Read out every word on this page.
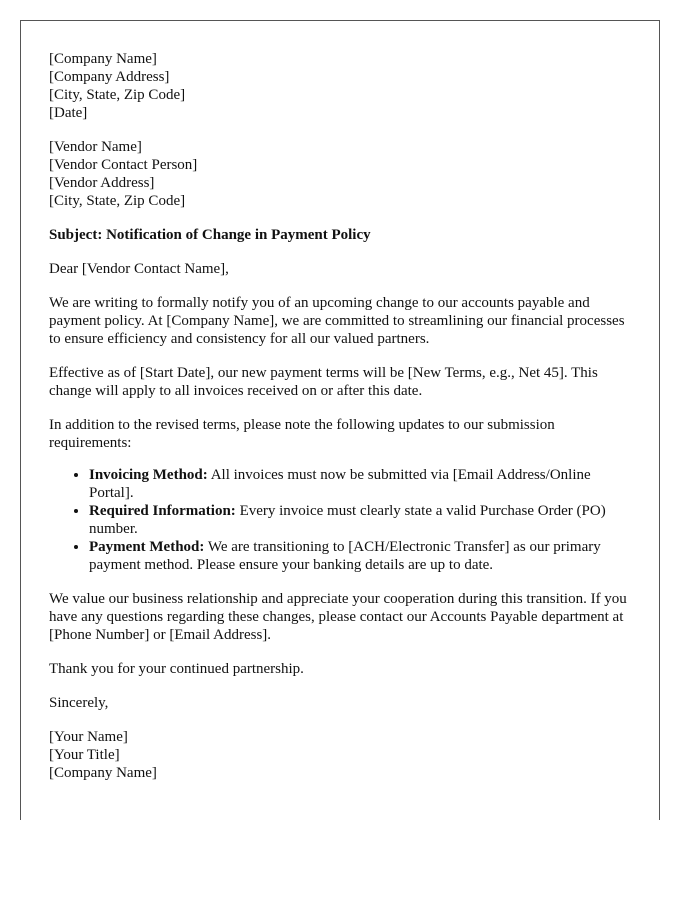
[Company Name]
[Company Address]
[City, State, Zip Code]
[Date]
[Vendor Name]
[Vendor Contact Person]
[Vendor Address]
[City, State, Zip Code]
Subject: Notification of Change in Payment Policy

Dear [Vendor Contact Name],

We are writing to formally notify you of an upcoming change to our accounts payable and payment policy. At [Company Name], we are committed to streamlining our financial processes to ensure efficiency and consistency for all our valued partners.

Effective as of [Start Date], our new payment terms will be [New Terms, e.g., Net 45]. This change will apply to all invoices received on or after this date.

In addition to the revised terms, please note the following updates to our submission requirements:

• Invoicing Method: All invoices must now be submitted via [Email Address/Online Portal].
• Required Information: Every invoice must clearly state a valid Purchase Order (PO) number.
• Payment Method: We are transitioning to [ACH/Electronic Transfer] as our primary payment method. Please ensure your banking details are up to date.

We value our business relationship and appreciate your cooperation during this transition. If you have any questions regarding these changes, please contact our Accounts Payable department at [Phone Number] or [Email Address].

Thank you for your continued partnership.

Sincerely,

[Your Name]
[Your Title]
[Company Name]
